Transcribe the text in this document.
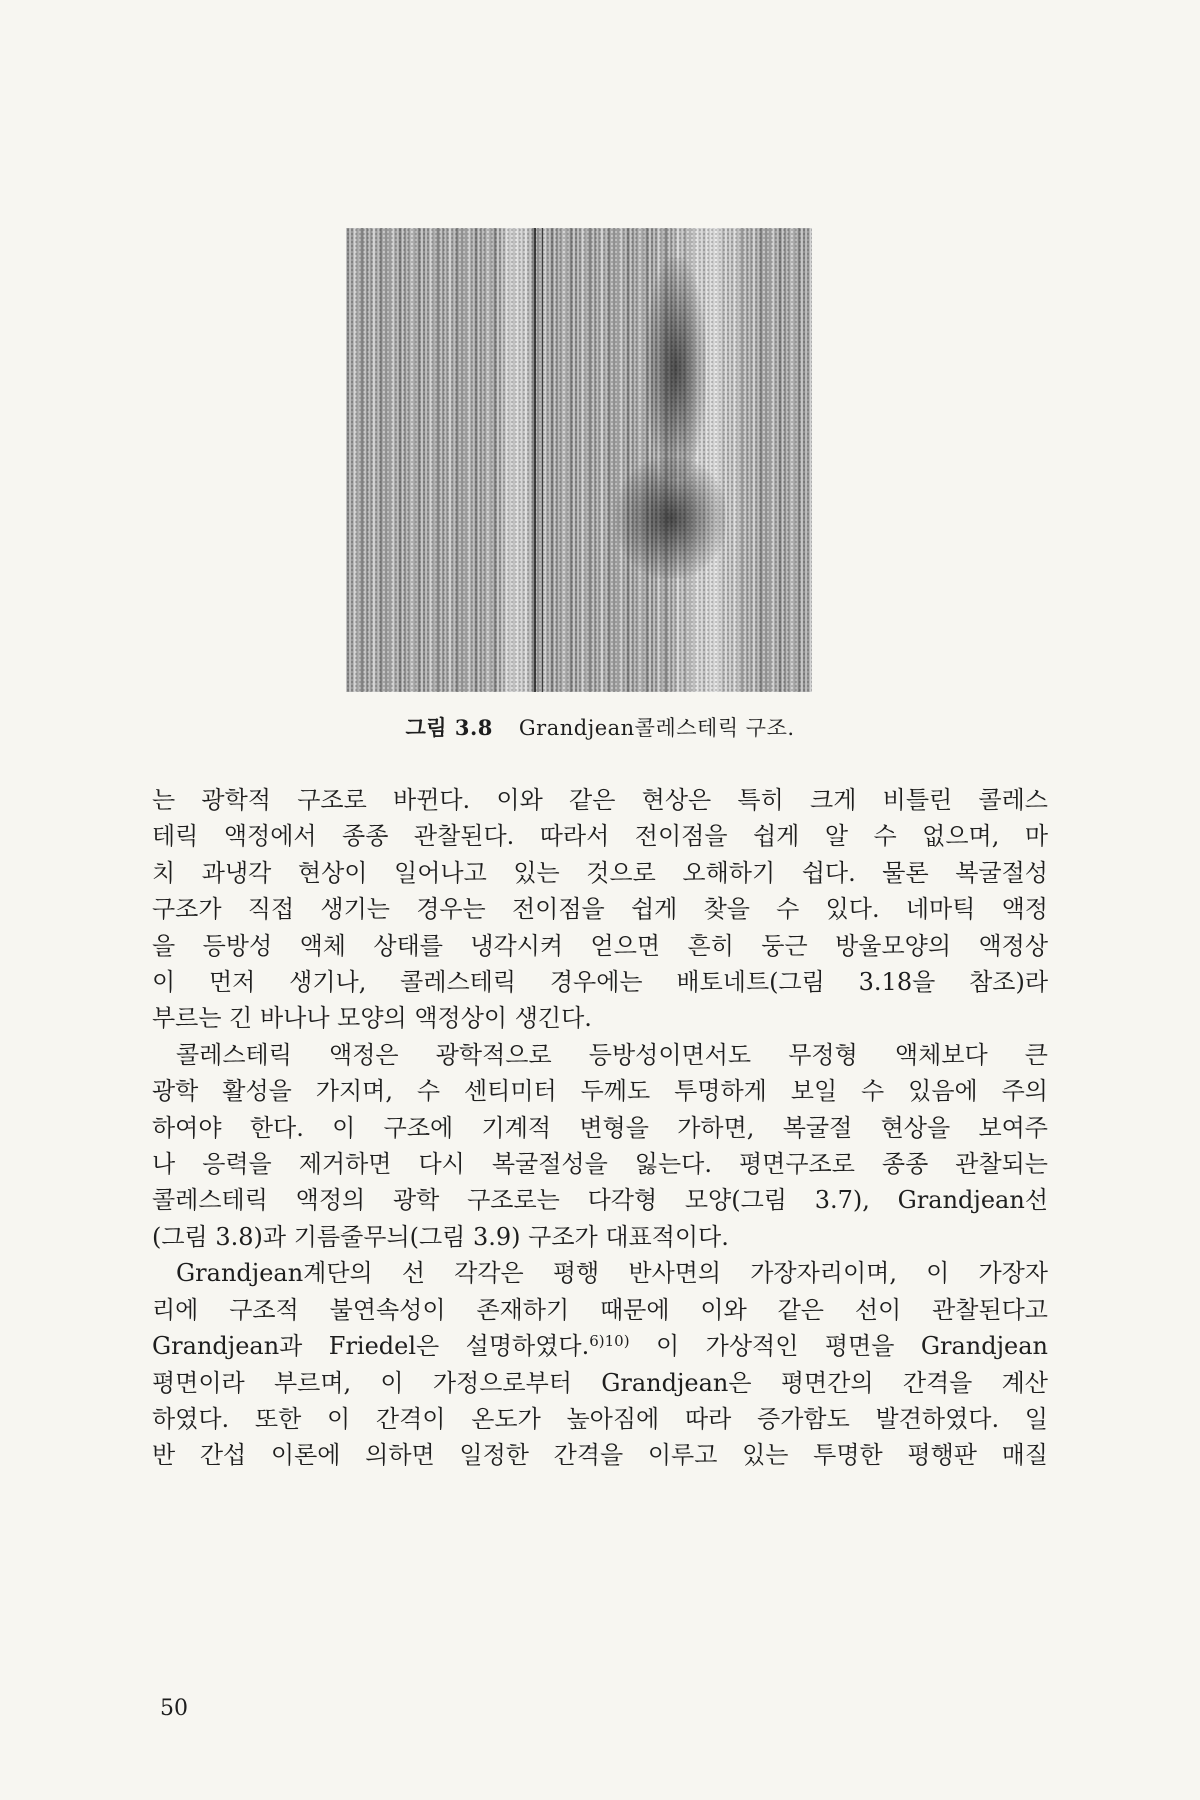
그림 3.8 Grandjean콜레스테릭 구조.
는 광학적 구조로 바뀐다. 이와 같은 현상은 특히 크게 비틀린 콜레스
테릭 액정에서 종종 관찰된다. 따라서 전이점을 쉽게 알 수 없으며, 마
치 과냉각 현상이 일어나고 있는 것으로 오해하기 쉽다. 물론 복굴절성
구조가 직접 생기는 경우는 전이점을 쉽게 찾을 수 있다. 네마틱 액정
을 등방성 액체 상태를 냉각시켜 얻으면 흔히 둥근 방울모양의 액정상
이 먼저 생기나, 콜레스테릭 경우에는 배토네트(그림 3.18을 참조)라
부르는 긴 바나나 모양의 액정상이 생긴다.
콜레스테릭 액정은 광학적으로 등방성이면서도 무정형 액체보다 큰
광학 활성을 가지며, 수 센티미터 두께도 투명하게 보일 수 있음에 주의
하여야 한다. 이 구조에 기계적 변형을 가하면, 복굴절 현상을 보여주
나 응력을 제거하면 다시 복굴절성을 잃는다. 평면구조로 종종 관찰되는
콜레스테릭 액정의 광학 구조로는 다각형 모양(그림 3.7), Grandjean선
(그림 3.8)과 기름줄무늬(그림 3.9) 구조가 대표적이다.
Grandjean계단의 선 각각은 평행 반사면의 가장자리이며, 이 가장자
리에 구조적 불연속성이 존재하기 때문에 이와 같은 선이 관찰된다고
Grandjean과 Friedel은 설명하였다.$^{6)10)}$ 이 가상적인 평면을 Grandjean
평면이라 부르며, 이 가정으로부터 Grandjean은 평면간의 간격을 계산
하였다. 또한 이 간격이 온도가 높아짐에 따라 증가함도 발견하였다. 일
반 간섭 이론에 의하면 일정한 간격을 이루고 있는 투명한 평행판 매질
50
